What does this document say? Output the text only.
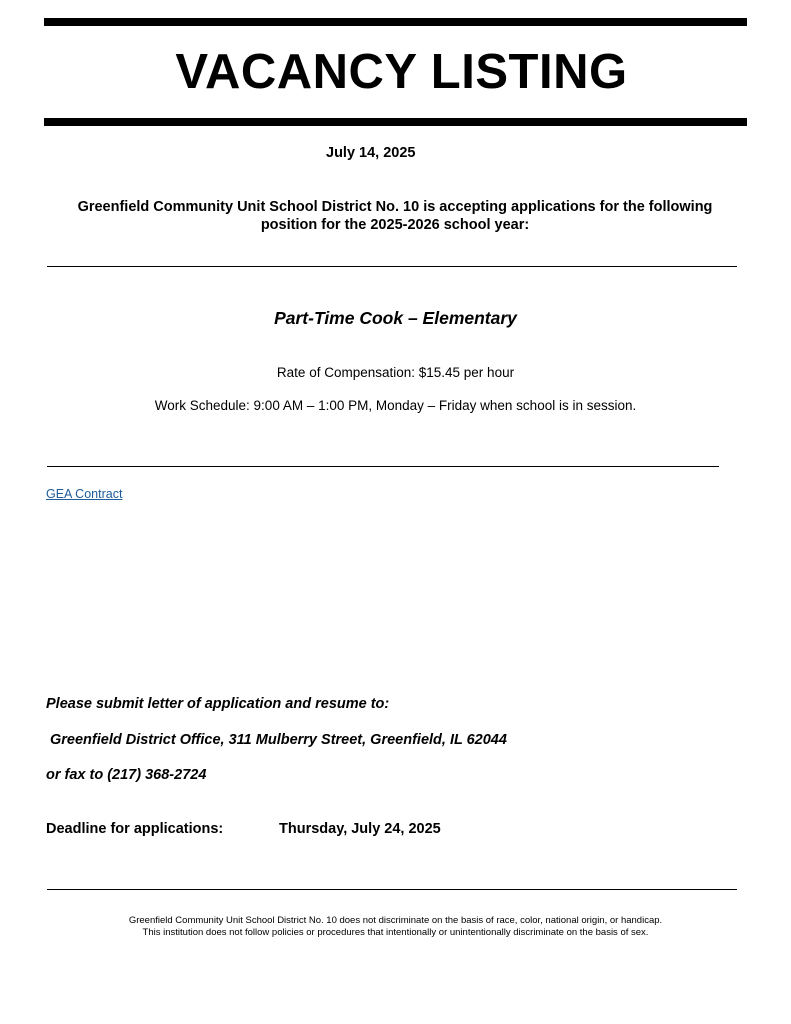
VACANCY LISTING
July 14, 2025
Greenfield Community Unit School District No. 10 is accepting applications for the following
position for the 2025-2026 school year:
Part-Time Cook – Elementary
Rate of Compensation: $15.45 per hour
Work Schedule: 9:00 AM – 1:00 PM, Monday – Friday when school is in session.
GEA Contract
Please submit letter of application and resume to:
Greenfield District Office, 311 Mulberry Street, Greenfield, IL 62044
or fax to (217) 368-2724
Deadline for applications:	Thursday, July 24, 2025
Greenfield Community Unit School District No. 10 does not discriminate on the basis of race, color, national origin, or handicap.
This institution does not follow policies or procedures that intentionally or unintentionally discriminate on the basis of sex.
